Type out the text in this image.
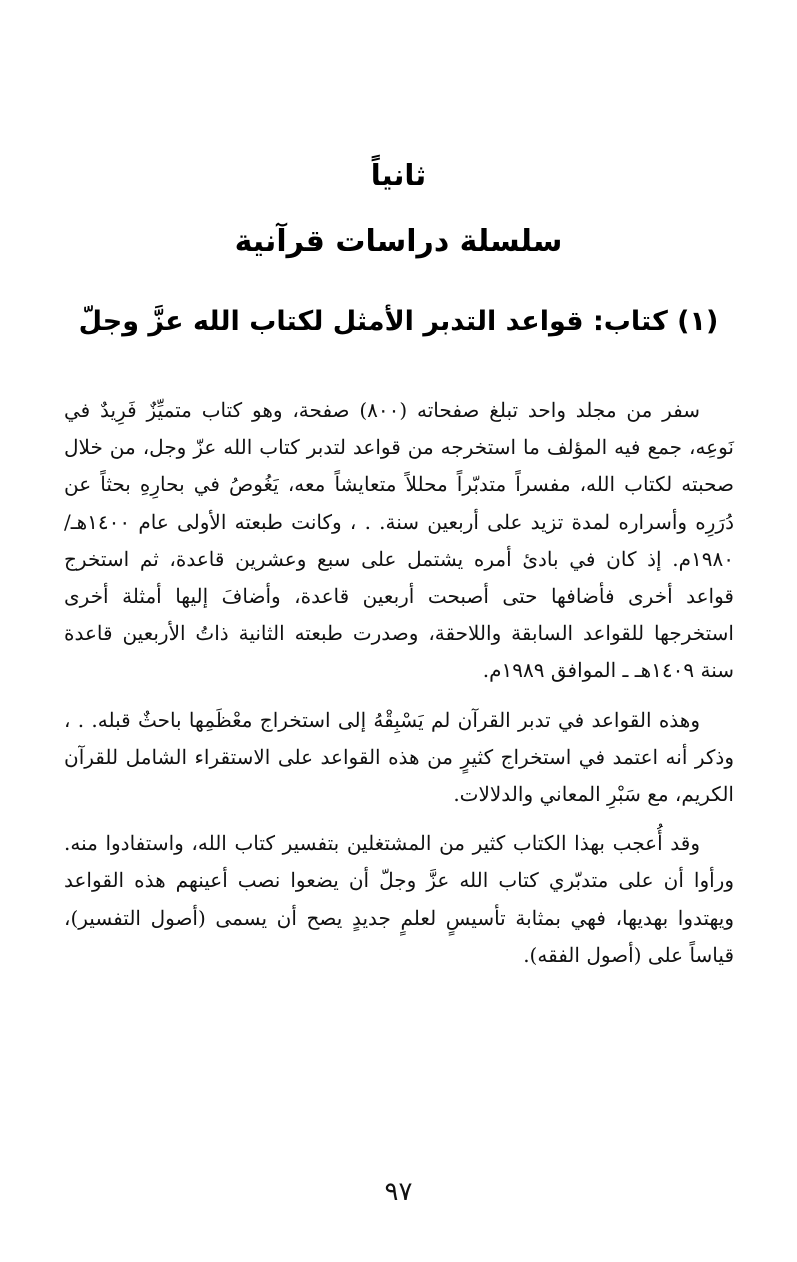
ثانياً
سلسلة دراسات قرآنية
(١) كتاب: قواعد التدبر الأمثل لكتاب الله عزَّ وجلّ

سفر من مجلد واحد تبلغ صفحاته (٨٠٠) صفحة، وهو كتاب متميِّزٌ فَرِيدٌ في نَوعِه، جمع فيه المؤلف ما استخرجه من قواعد لتدبر كتاب الله عزّ وجل، من خلال صحبته لكتاب الله، مفسراً متدبّراً محللاً متعايشاً معه، يَغُوصُ في بحارِهِ بحثاً عن دُرَرِه وأسراره لمدة تزيد على أربعين سنة. . ، وكانت طبعته الأولى عام ١٤٠٠هـ/ ١٩٨٠م. إذ كان في بادئ أمره يشتمل على سبع وعشرين قاعدة، ثم استخرج قواعد أخرى فأضافها حتى أصبحت أربعين قاعدة، وأضافَ إليها أمثلة أخرى استخرجها للقواعد السابقة واللاحقة، وصدرت طبعته الثانية ذاتُ الأربعين قاعدة سنة ١٤٠٩هـ ـ الموافق ١٩٨٩م.

وهذه القواعد في تدبر القرآن لم يَسْبِقْهُ إلى استخراج معْظَمِها باحثٌ قبله. . ، وذكر أنه اعتمد في استخراج كثيرٍ من هذه القواعد على الاستقراء الشامل للقرآن الكريم، مع سَبْرِ المعاني والدلالات.

وقد أُعجب بهذا الكتاب كثير من المشتغلين بتفسير كتاب الله، واستفادوا منه. ورأوا أن على متدبّري كتاب الله عزَّ وجلّ أن يضعوا نصب أعينهم هذه القواعد ويهتدوا بهديها، فهي بمثابة تأسيسٍ لعلمٍ جديدٍ يصح أن يسمى (أصول التفسير)، قياساً على (أصول الفقه).

٩٧
